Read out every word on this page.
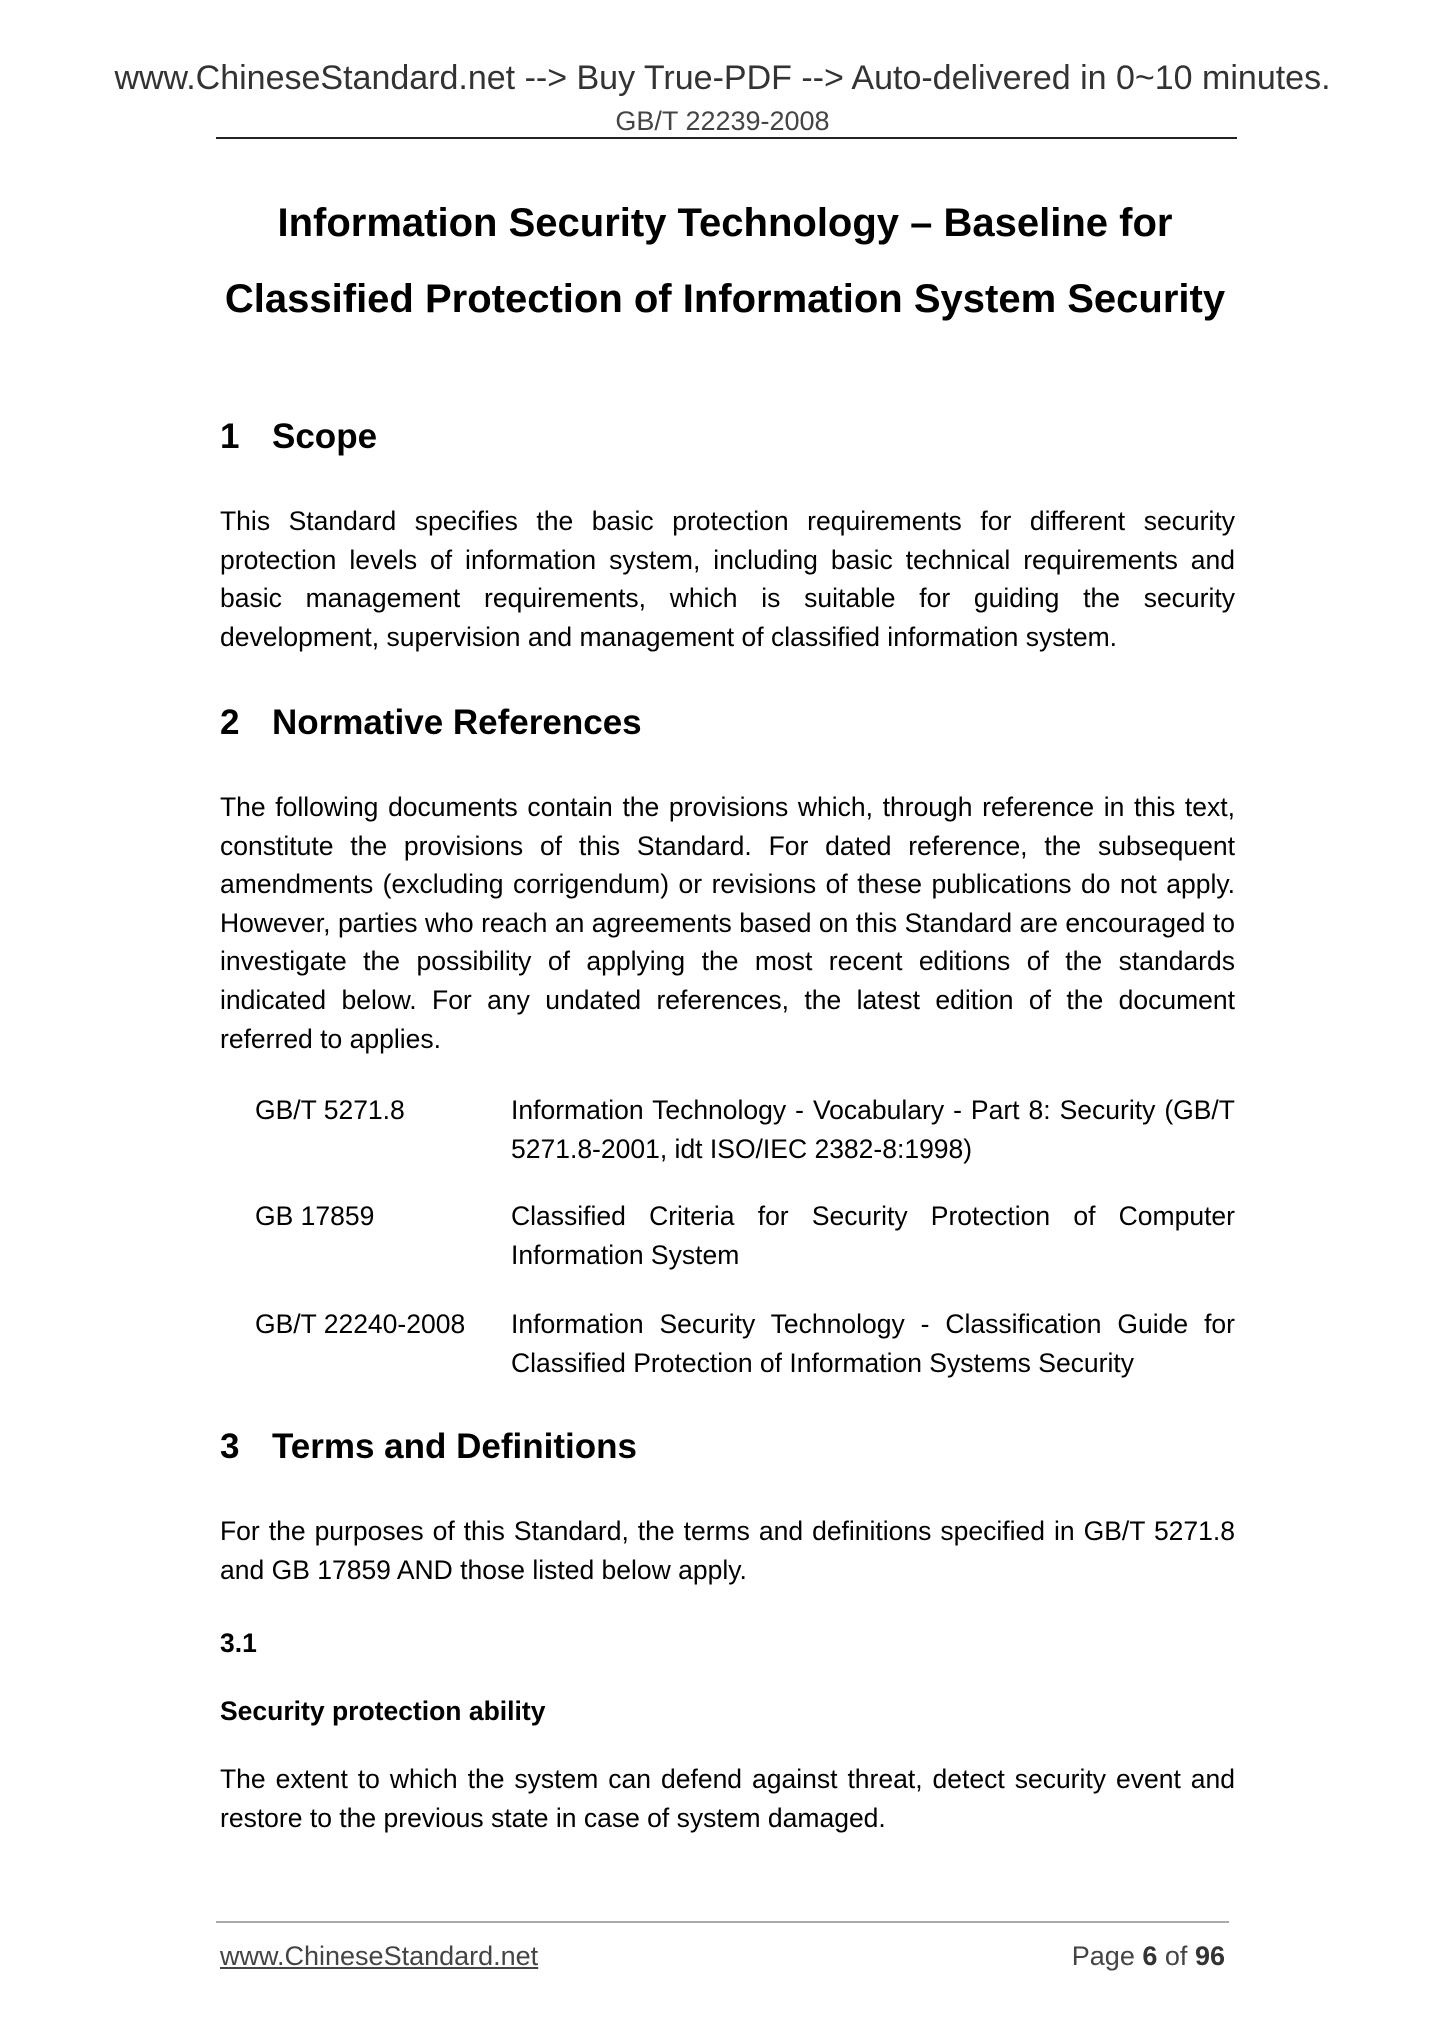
www.ChineseStandard.net --> Buy True-PDF --> Auto-delivered in 0~10 minutes.
GB/T 22239-2008
Information Security Technology – Baseline for
Classified Protection of Information System Security
1 Scope

This Standard specifies the basic protection requirements for different security protection levels of information system, including basic technical requirements and basic management requirements, which is suitable for guiding the security development, supervision and management of classified information system.

2 Normative References

The following documents contain the provisions which, through reference in this text, constitute the provisions of this Standard. For dated reference, the subsequent amendments (excluding corrigendum) or revisions of these publications do not apply. However, parties who reach an agreements based on this Standard are encouraged to investigate the possibility of applying the most recent editions of the standards indicated below. For any undated references, the latest edition of the document referred to applies.

GB/T 5271.8	Information Technology - Vocabulary - Part 8: Security (GB/T 5271.8-2001, idt ISO/IEC 2382-8:1998)
GB 17859	Classified Criteria for Security Protection of Computer Information System
GB/T 22240-2008 Information Security Technology - Classification Guide for Classified Protection of Information Systems Security
3 Terms and Definitions

For the purposes of this Standard, the terms and definitions specified in GB/T 5271.8 and GB 17859 AND those listed below apply.

3.1
Security protection ability

The extent to which the system can defend against threat, detect security event and restore to the previous state in case of system damaged.

www.ChineseStandard.net	Page 6 of 96
